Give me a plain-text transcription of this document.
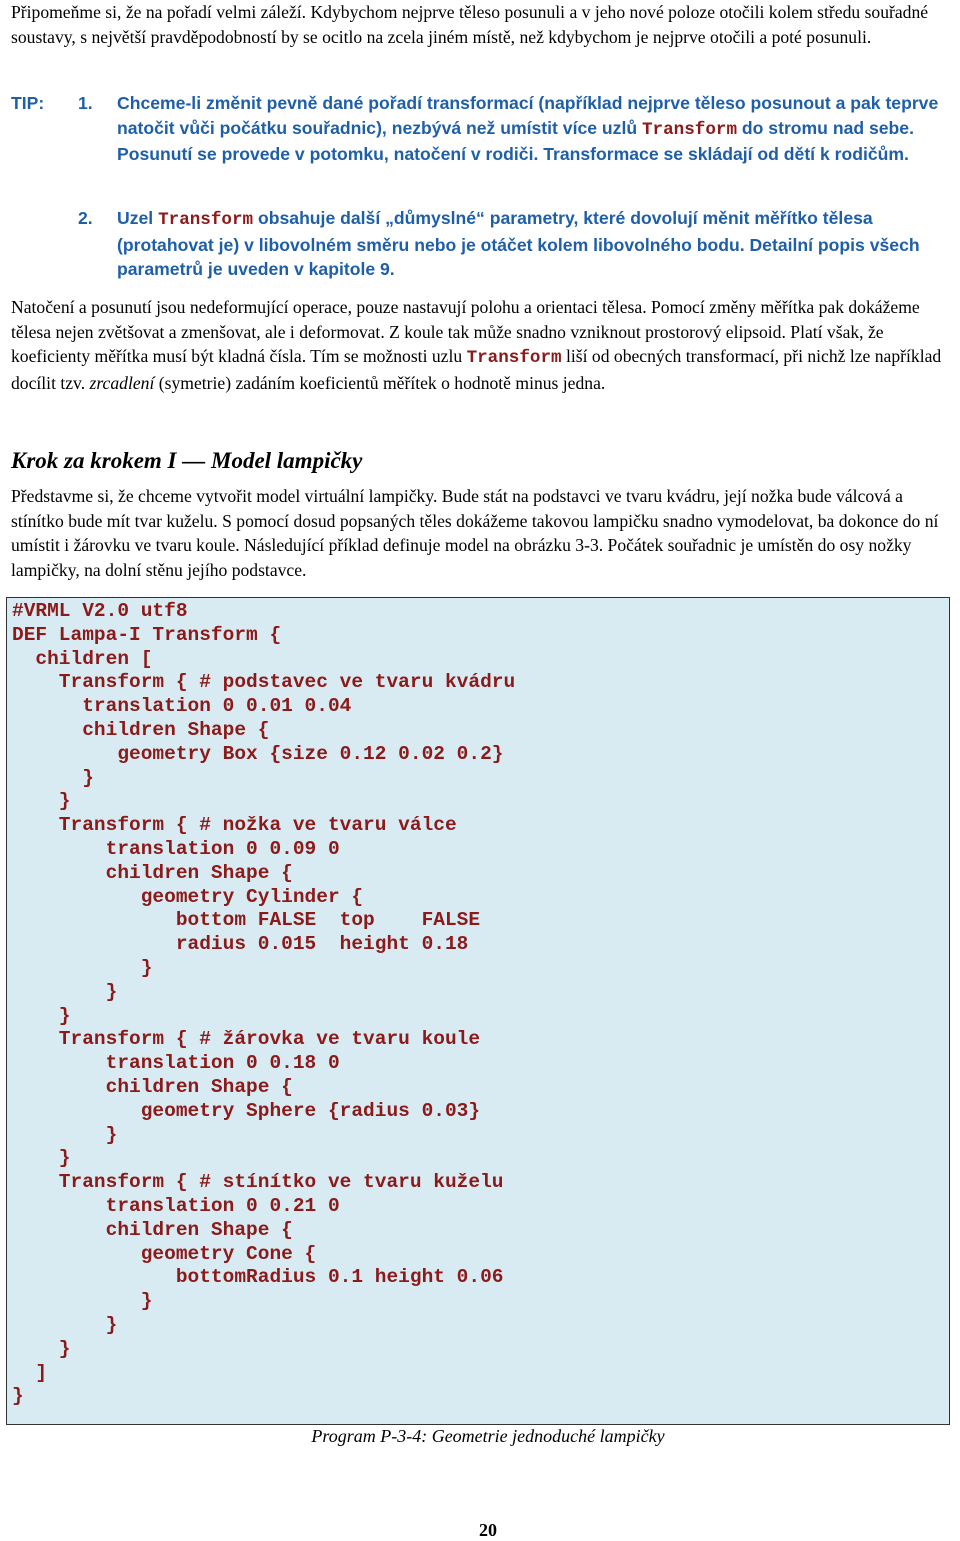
Připomeňme si, že na pořadí velmi záleží. Kdybychom nejprve těleso posunuli a v jeho nové poloze otočili kolem středu souřadné soustavy, s největší pravděpodobností by se ocitlo na zcela jiném místě, než kdybychom je nejprve otočili a poté posunuli.

TIP: 1. Chceme-li změnit pevně dané pořadí transformací (například nejprve těleso posunout a pak teprve natočit vůči počátku souřadnic), nezbývá než umístit více uzlů Transform do stromu nad sebe. Posunutí se provede v potomku, natočení v rodiči. Transformace se skládají od dětí k rodičům.
2. Uzel Transform obsahuje další „důmyslné“ parametry, které dovolují měnit měřítko tělesa (protahovat je) v libovolném směru nebo je otáčet kolem libovolného bodu. Detailní popis všech parametrů je uveden v kapitole 9.

Natočení a posunutí jsou nedeformující operace, pouze nastavují polohu a orientaci tělesa. Pomocí změny měřítka pak dokážeme tělesa nejen zvětšovat a zmenšovat, ale i deformovat. Z koule tak může snadno vzniknout prostorový elipsoid. Platí však, že koeficienty měřítka musí být kladná čísla. Tím se možnosti uzlu Transform liší od obecných transformací, při nichž lze například docílit tzv. zrcadlení (symetrie) zadáním koeficientů měřítek o hodnotě minus jedna.

Krok za krokem I — Model lampičky

Představme si, že chceme vytvořit model virtuální lampičky. Bude stát na podstavci ve tvaru kvádru, její nožka bude válcová a stínítko bude mít tvar kuželu. S pomocí dosud popsaných těles dokážeme takovou lampičku snadno vymodelovat, ba dokonce do ní umístit i žárovku ve tvaru koule. Následující příklad definuje model na obrázku 3-3. Počátek souřadnic je umístěn do osy nožky lampičky, na dolní stěnu jejího podstavce.

#VRML V2.0 utf8
DEF Lampa-I Transform {
children [
Transform { # podstavec ve tvaru kvádru
translation 0 0.01 0.04
children Shape {
geometry Box {size 0.12 0.02 0.2}
}
}
Transform { # nožka ve tvaru válce
translation 0 0.09 0
children Shape {
geometry Cylinder {
bottom FALSE  top    FALSE
radius 0.015  height 0.18
}
}
}
Transform { # žárovka ve tvaru koule
translation 0 0.18 0
children Shape {
geometry Sphere {radius 0.03}
}
}
Transform { # stínítko ve tvaru kuželu
translation 0 0.21 0
children Shape {
geometry Cone {
bottomRadius 0.1 height 0.06
}
}
}
]
}
Program P-3-4: Geometrie jednoduché lampičky
20
